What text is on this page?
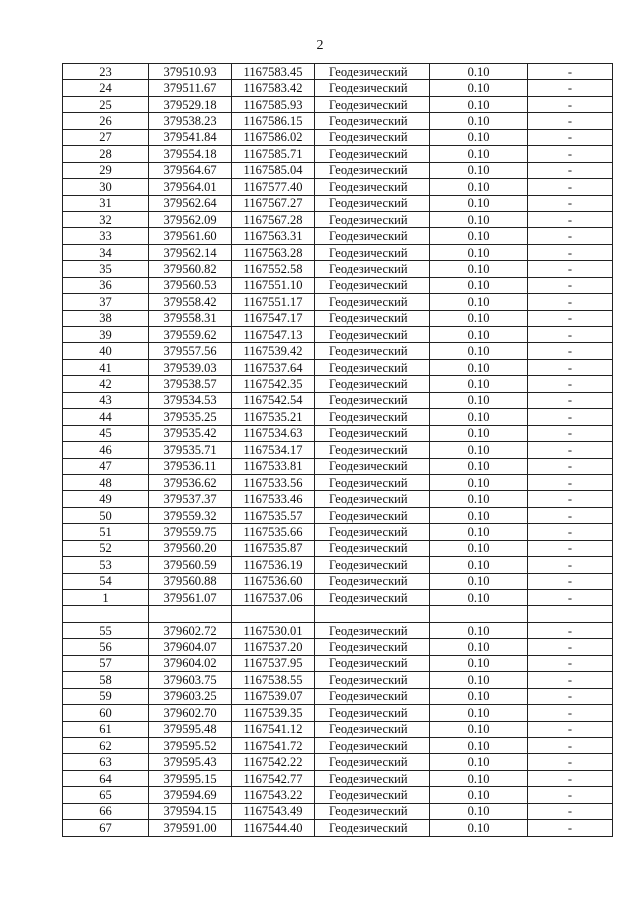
2
23	379510.93	1167583.45	Геодезический	0.10	-
24	379511.67	1167583.42	Геодезический	0.10	-
25	379529.18	1167585.93	Геодезический	0.10	-
26	379538.23	1167586.15	Геодезический	0.10	-
27	379541.84	1167586.02	Геодезический	0.10	-
28	379554.18	1167585.71	Геодезический	0.10	-
29	379564.67	1167585.04	Геодезический	0.10	-
30	379564.01	1167577.40	Геодезический	0.10	-
31	379562.64	1167567.27	Геодезический	0.10	-
32	379562.09	1167567.28	Геодезический	0.10	-
33	379561.60	1167563.31	Геодезический	0.10	-
34	379562.14	1167563.28	Геодезический	0.10	-
35	379560.82	1167552.58	Геодезический	0.10	-
36	379560.53	1167551.10	Геодезический	0.10	-
37	379558.42	1167551.17	Геодезический	0.10	-
38	379558.31	1167547.17	Геодезический	0.10	-
39	379559.62	1167547.13	Геодезический	0.10	-
40	379557.56	1167539.42	Геодезический	0.10	-
41	379539.03	1167537.64	Геодезический	0.10	-
42	379538.57	1167542.35	Геодезический	0.10	-
43	379534.53	1167542.54	Геодезический	0.10	-
44	379535.25	1167535.21	Геодезический	0.10	-
45	379535.42	1167534.63	Геодезический	0.10	-
46	379535.71	1167534.17	Геодезический	0.10	-
47	379536.11	1167533.81	Геодезический	0.10	-
48	379536.62	1167533.56	Геодезический	0.10	-
49	379537.37	1167533.46	Геодезический	0.10	-
50	379559.32	1167535.57	Геодезический	0.10	-
51	379559.75	1167535.66	Геодезический	0.10	-
52	379560.20	1167535.87	Геодезический	0.10	-
53	379560.59	1167536.19	Геодезический	0.10	-
54	379560.88	1167536.60	Геодезический	0.10	-
1	379561.07	1167537.06	Геодезический	0.10	-

55	379602.72	1167530.01	Геодезический	0.10	-
56	379604.07	1167537.20	Геодезический	0.10	-
57	379604.02	1167537.95	Геодезический	0.10	-
58	379603.75	1167538.55	Геодезический	0.10	-
59	379603.25	1167539.07	Геодезический	0.10	-
60	379602.70	1167539.35	Геодезический	0.10	-
61	379595.48	1167541.12	Геодезический	0.10	-
62	379595.52	1167541.72	Геодезический	0.10	-
63	379595.43	1167542.22	Геодезический	0.10	-
64	379595.15	1167542.77	Геодезический	0.10	-
65	379594.69	1167543.22	Геодезический	0.10	-
66	379594.15	1167543.49	Геодезический	0.10	-
67	379591.00	1167544.40	Геодезический	0.10	-
